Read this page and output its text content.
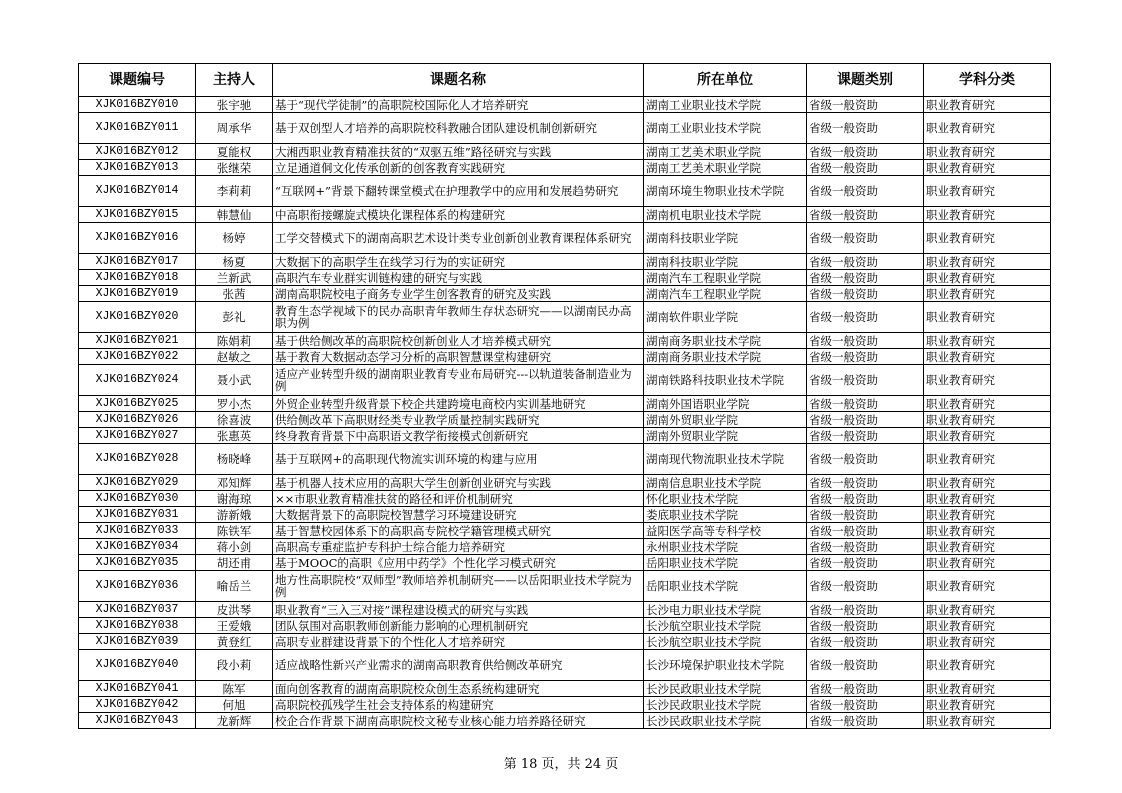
课题编号	主持人	课题名称	所在单位	课题类别	学科分类
XJK016BZY010	张宇驰	基于“现代学徒制”的高职院校国际化人才培养研究	湖南工业职业技术学院	省级一般资助	职业教育研究
XJK016BZY011	周承华	基于双创型人才培养的高职院校科教融合团队建设机制创新研究	湖南工业职业技术学院	省级一般资助	职业教育研究
XJK016BZY012	夏能权	大湘西职业教育精准扶贫的“双驱五维”路径研究与实践	湖南工艺美术职业学院	省级一般资助	职业教育研究
XJK016BZY013	张继荣	立足通道侗文化传承创新的创客教育实践研究	湖南工艺美术职业学院	省级一般资助	职业教育研究
XJK016BZY014	李莉莉	“互联网+”背景下翻转课堂模式在护理教学中的应用和发展趋势研究	湖南环境生物职业技术学院	省级一般资助	职业教育研究
XJK016BZY015	韩慧仙	中高职衔接螺旋式模块化课程体系的构建研究	湖南机电职业技术学院	省级一般资助	职业教育研究
XJK016BZY016	杨婷	工学交替模式下的湖南高职艺术设计类专业创新创业教育课程体系研究	湖南科技职业学院	省级一般资助	职业教育研究
XJK016BZY017	杨夏	大数据下的高职学生在线学习行为的实证研究	湖南科技职业学院	省级一般资助	职业教育研究
XJK016BZY018	兰新武	高职汽车专业群实训链构建的研究与实践	湖南汽车工程职业学院	省级一般资助	职业教育研究
XJK016BZY019	张茜	湖南高职院校电子商务专业学生创客教育的研究及实践	湖南汽车工程职业学院	省级一般资助	职业教育研究
XJK016BZY020	彭礼	教育生态学视域下的民办高职青年教师生存状态研究——以湖南民办高职为例	湖南软件职业学院	省级一般资助	职业教育研究
XJK016BZY021	陈娟莉	基于供给侧改革的高职院校创新创业人才培养模式研究	湖南商务职业技术学院	省级一般资助	职业教育研究
XJK016BZY022	赵敏之	基于教育大数据动态学习分析的高职智慧课堂构建研究	湖南商务职业技术学院	省级一般资助	职业教育研究
XJK016BZY024	聂小武	适应产业转型升级的湖南职业教育专业布局研究---以轨道装备制造业为例	湖南铁路科技职业技术学院	省级一般资助	职业教育研究
XJK016BZY025	罗小杰	外贸企业转型升级背景下校企共建跨境电商校内实训基地研究	湖南外国语职业学院	省级一般资助	职业教育研究
XJK016BZY026	徐喜波	供给侧改革下高职财经类专业教学质量控制实践研究	湖南外贸职业学院	省级一般资助	职业教育研究
XJK016BZY027	张惠英	终身教育背景下中高职语文教学衔接模式创新研究	湖南外贸职业学院	省级一般资助	职业教育研究
XJK016BZY028	杨晓峰	基于互联网+的高职现代物流实训环境的构建与应用	湖南现代物流职业技术学院	省级一般资助	职业教育研究
XJK016BZY029	邓知辉	基于机器人技术应用的高职大学生创新创业研究与实践	湖南信息职业技术学院	省级一般资助	职业教育研究
XJK016BZY030	谢海琼	××市职业教育精准扶贫的路径和评价机制研究	怀化职业技术学院	省级一般资助	职业教育研究
XJK016BZY031	游新娥	大数据背景下的高职院校智慧学习环境建设研究	娄底职业技术学院	省级一般资助	职业教育研究
XJK016BZY033	陈铁军	基于智慧校园体系下的高职高专院校学籍管理模式研究	益阳医学高等专科学校	省级一般资助	职业教育研究
XJK016BZY034	蒋小剑	高职高专重症监护专科护士综合能力培养研究	永州职业技术学院	省级一般资助	职业教育研究
XJK016BZY035	胡还甫	基于MOOC的高职《应用中药学》个性化学习模式研究	岳阳职业技术学院	省级一般资助	职业教育研究
XJK016BZY036	喻岳兰	地方性高职院校“双师型”教师培养机制研究——以岳阳职业技术学院为例	岳阳职业技术学院	省级一般资助	职业教育研究
XJK016BZY037	皮洪琴	职业教育“三入三对接”课程建设模式的研究与实践	长沙电力职业技术学院	省级一般资助	职业教育研究
XJK016BZY038	王爱娥	团队氛围对高职教师创新能力影响的心理机制研究	长沙航空职业技术学院	省级一般资助	职业教育研究
XJK016BZY039	黄登红	高职专业群建设背景下的个性化人才培养研究	长沙航空职业技术学院	省级一般资助	职业教育研究
XJK016BZY040	段小莉	适应战略性新兴产业需求的湖南高职教育供给侧改革研究	长沙环境保护职业技术学院	省级一般资助	职业教育研究
XJK016BZY041	陈军	面向创客教育的湖南高职院校众创生态系统构建研究	长沙民政职业技术学院	省级一般资助	职业教育研究
XJK016BZY042	何旭	高职院校孤残学生社会支持体系的构建研究	长沙民政职业技术学院	省级一般资助	职业教育研究
XJK016BZY043	龙新辉	校企合作背景下湖南高职院校文秘专业核心能力培养路径研究	长沙民政职业技术学院	省级一般资助	职业教育研究
第 18 页，共 24 页
